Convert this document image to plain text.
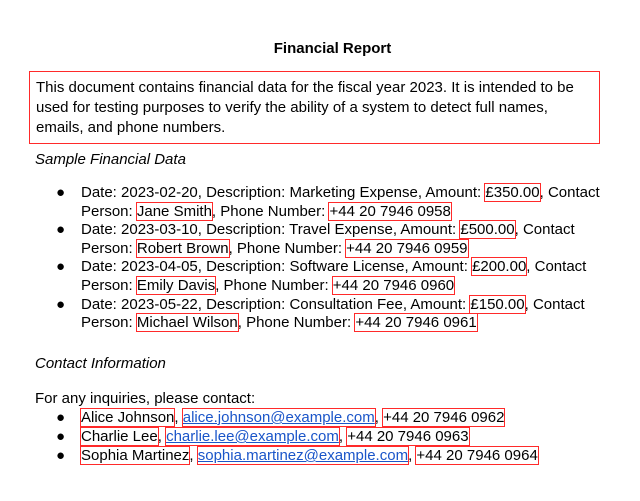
Financial Report
This document contains financial data for the fiscal year 2023. It is intended to be used for testing purposes to verify the ability of a system to detect full names, emails, and phone numbers.
Sample Financial Data
● Date: 2023-02-20, Description: Marketing Expense, Amount: £350.00, Contact Person: Jane Smith, Phone Number: +44 20 7946 0958
● Date: 2023-03-10, Description: Travel Expense, Amount: £500.00, Contact Person: Robert Brown, Phone Number: +44 20 7946 0959
● Date: 2023-04-05, Description: Software License, Amount: £200.00, Contact Person: Emily Davis, Phone Number: +44 20 7946 0960
● Date: 2023-05-22, Description: Consultation Fee, Amount: £150.00, Contact Person: Michael Wilson, Phone Number: +44 20 7946 0961
Contact Information
For any inquiries, please contact:
● Alice Johnson, alice.johnson@example.com, +44 20 7946 0962
● Charlie Lee, charlie.lee@example.com, +44 20 7946 0963
● Sophia Martinez, sophia.martinez@example.com, +44 20 7946 0964
